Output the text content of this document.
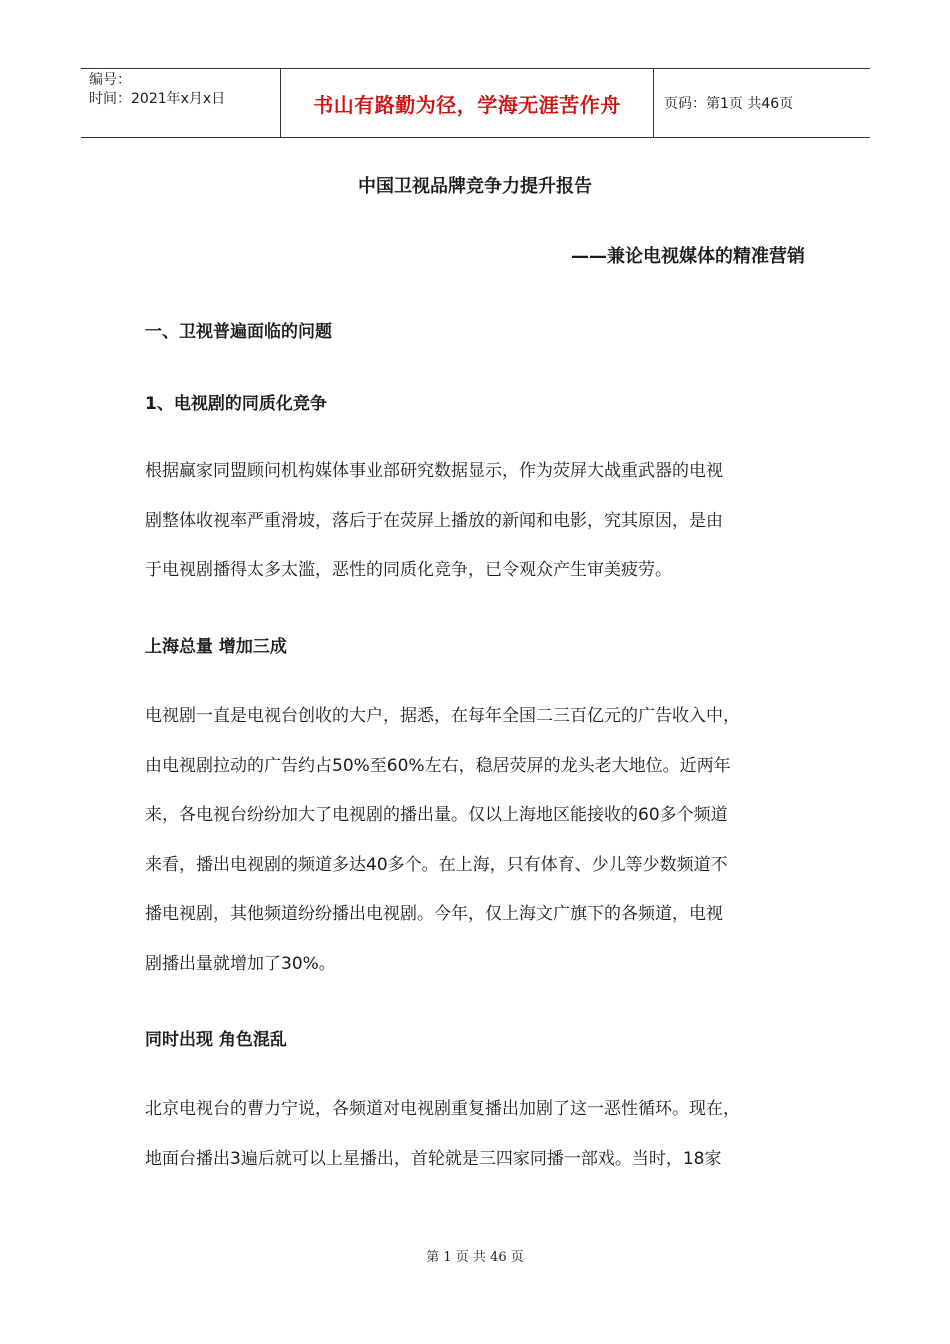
编号：
时间：2021年x月x日	书山有路勤为径，学海无涯苦作舟	页码：第1页 共46页
中国卫视品牌竞争力提升报告
——兼论电视媒体的精准营销
一、卫视普遍面临的问题
1、电视剧的同质化竞争
根据赢家同盟顾问机构媒体事业部研究数据显示，作为荧屏大战重武器的电视
剧整体收视率严重滑坡，落后于在荧屏上播放的新闻和电影，究其原因，是由
于电视剧播得太多太滥，恶性的同质化竞争，已令观众产生审美疲劳。
上海总量 增加三成
电视剧一直是电视台创收的大户，据悉，在每年全国二三百亿元的广告收入中，
由电视剧拉动的广告约占50%至60%左右，稳居荧屏的龙头老大地位。近两年
来，各电视台纷纷加大了电视剧的播出量。仅以上海地区能接收的60多个频道
来看，播出电视剧的频道多达40多个。在上海，只有体育、少儿等少数频道不
播电视剧，其他频道纷纷播出电视剧。今年，仅上海文广旗下的各频道，电视
剧播出量就增加了30%。
同时出现 角色混乱
北京电视台的曹力宁说，各频道对电视剧重复播出加剧了这一恶性循环。现在，
地面台播出3遍后就可以上星播出，首轮就是三四家同播一部戏。当时，18家
第 1 页 共 46 页
